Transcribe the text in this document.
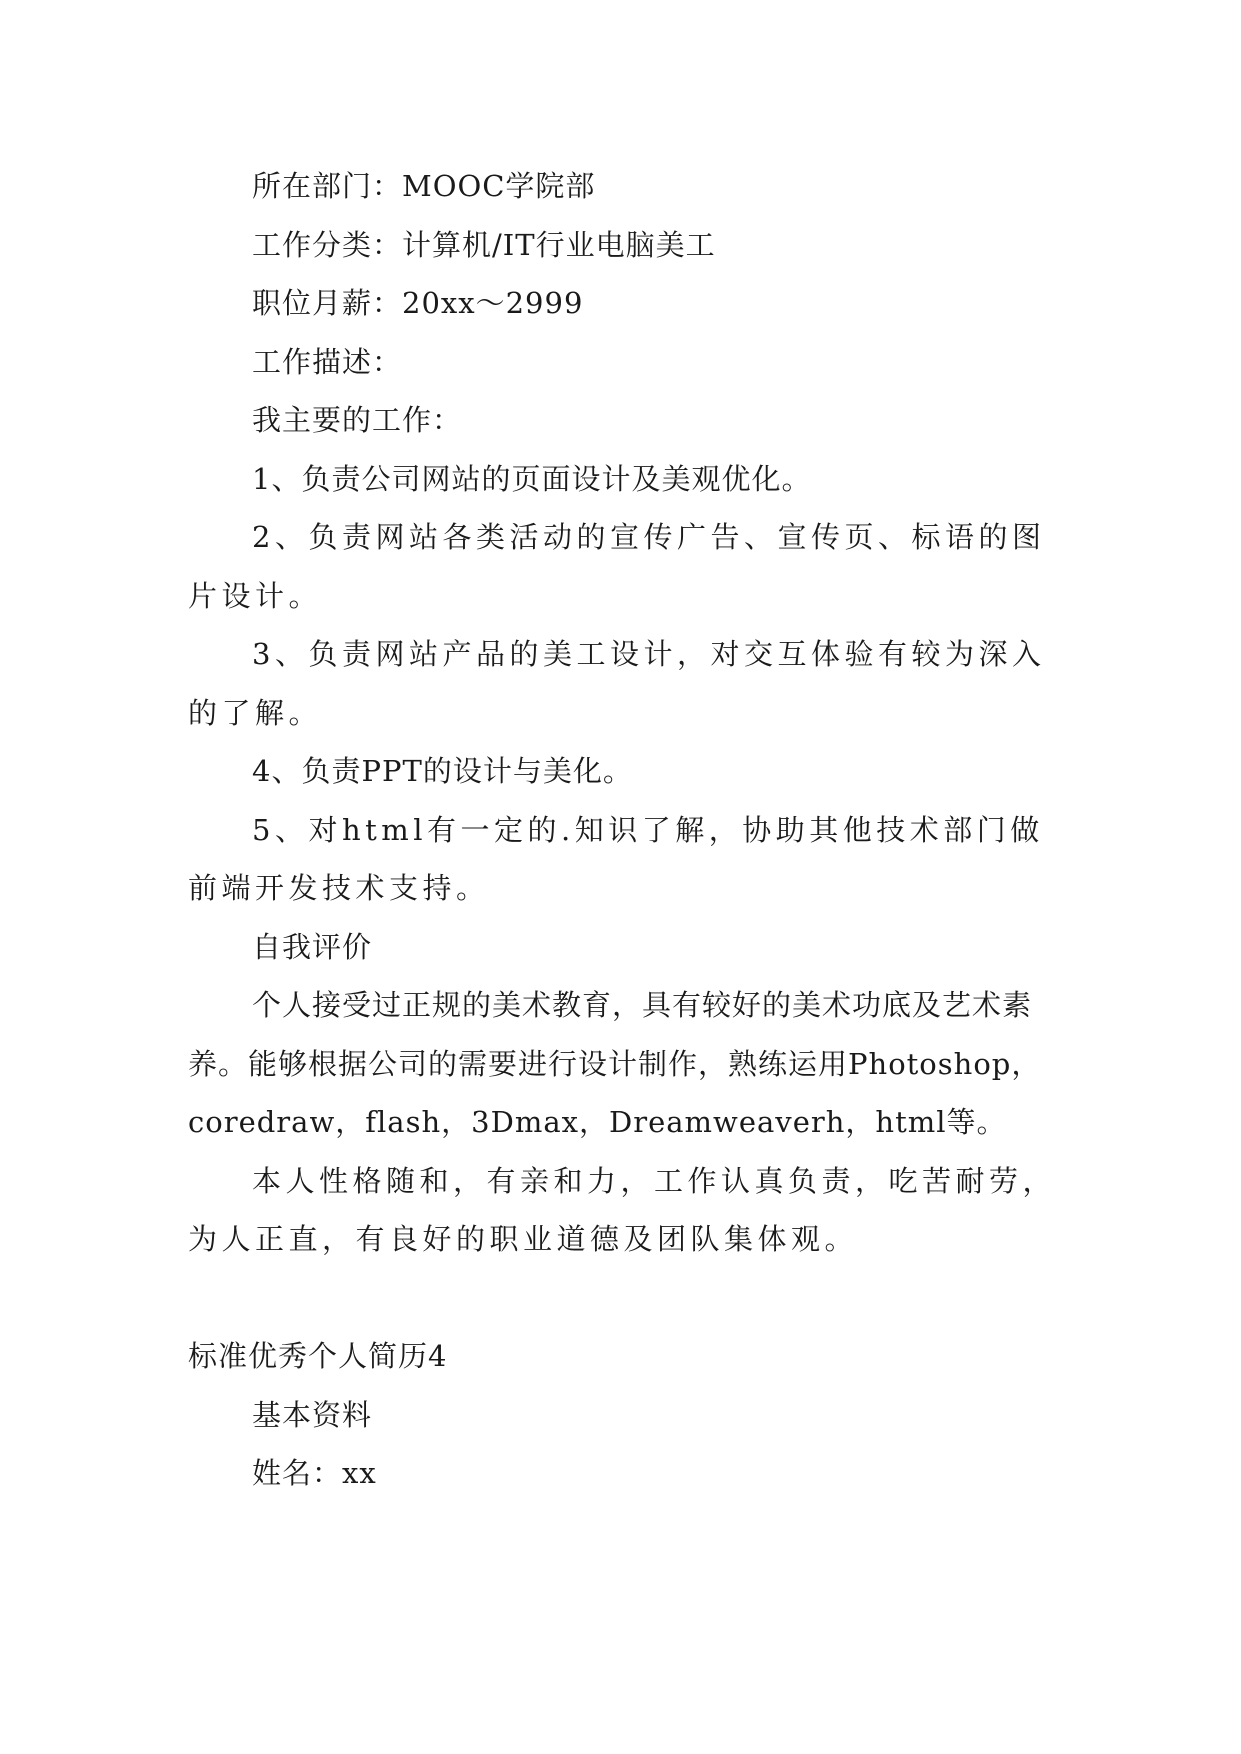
所在部门：MOOC学院部
工作分类：计算机/IT行业电脑美工
职位月薪：20xx～2999
工作描述：
我主要的工作：
1、负责公司网站的页面设计及美观优化。
2、负责网站各类活动的宣传广告、宣传页、标语的图片设计。
3、负责网站产品的美工设计，对交互体验有较为深入的了解。
4、负责PPT的设计与美化。
5、对html有一定的.知识了解，协助其他技术部门做前端开发技术支持。
自我评价
个人接受过正规的美术教育，具有较好的美术功底及艺术素养。能够根据公司的需要进行设计制作，熟练运用Photoshop，coredraw，flash，3Dmax，Dreamweaverh，html等。
本人性格随和，有亲和力，工作认真负责，吃苦耐劳，为人正直，有良好的职业道德及团队集体观。
标准优秀个人简历4
基本资料
姓名：xx
